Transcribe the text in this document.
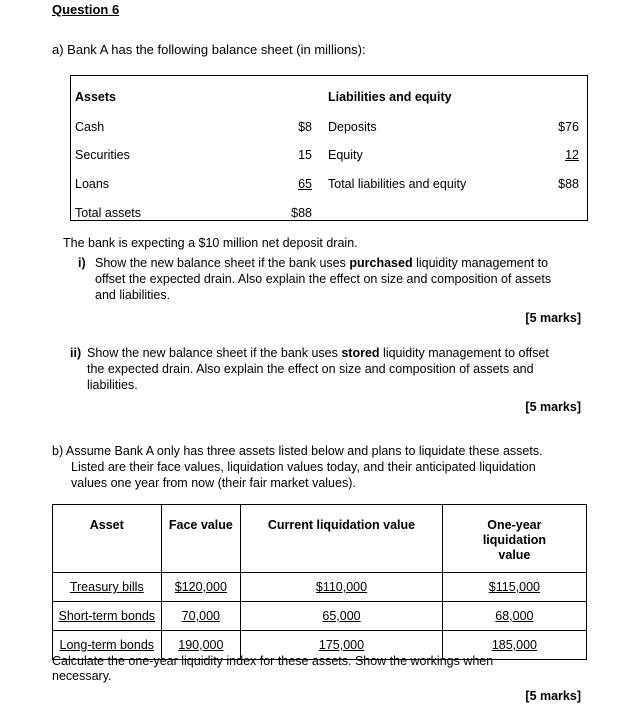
Question 6
a) Bank A has the following balance sheet (in millions):
Assets	Liabilities and equity
Cash	$8 Deposits	$76
Securities	15 Equity	12
Loans	65 Total liabilities and equity	$88
Total assets	$88
The bank is expecting a $10 million net deposit drain.
i) Show the new balance sheet if the bank uses purchased liquidity management to
offset the expected drain. Also explain the effect on size and composition of assets
and liabilities.
[5 marks]
ii) Show the new balance sheet if the bank uses stored liquidity management to offset
the expected drain. Also explain the effect on size and composition of assets and
liabilities.
[5 marks]
b) Assume Bank A only has three assets listed below and plans to liquidate these assets.
Listed are their face values, liquidation values today, and their anticipated liquidation
values one year from now (their fair market values).
Asset	Face value	Current liquidation value	One-year liquidation value
Treasury bills	$120,000	$110,000	$115,000
Short-term bonds	70,000	65,000	68,000
Long-term bonds	190,000	175,000	185,000
Calculate the one-year liquidity index for these assets. Show the workings when
necessary.
[5 marks]
